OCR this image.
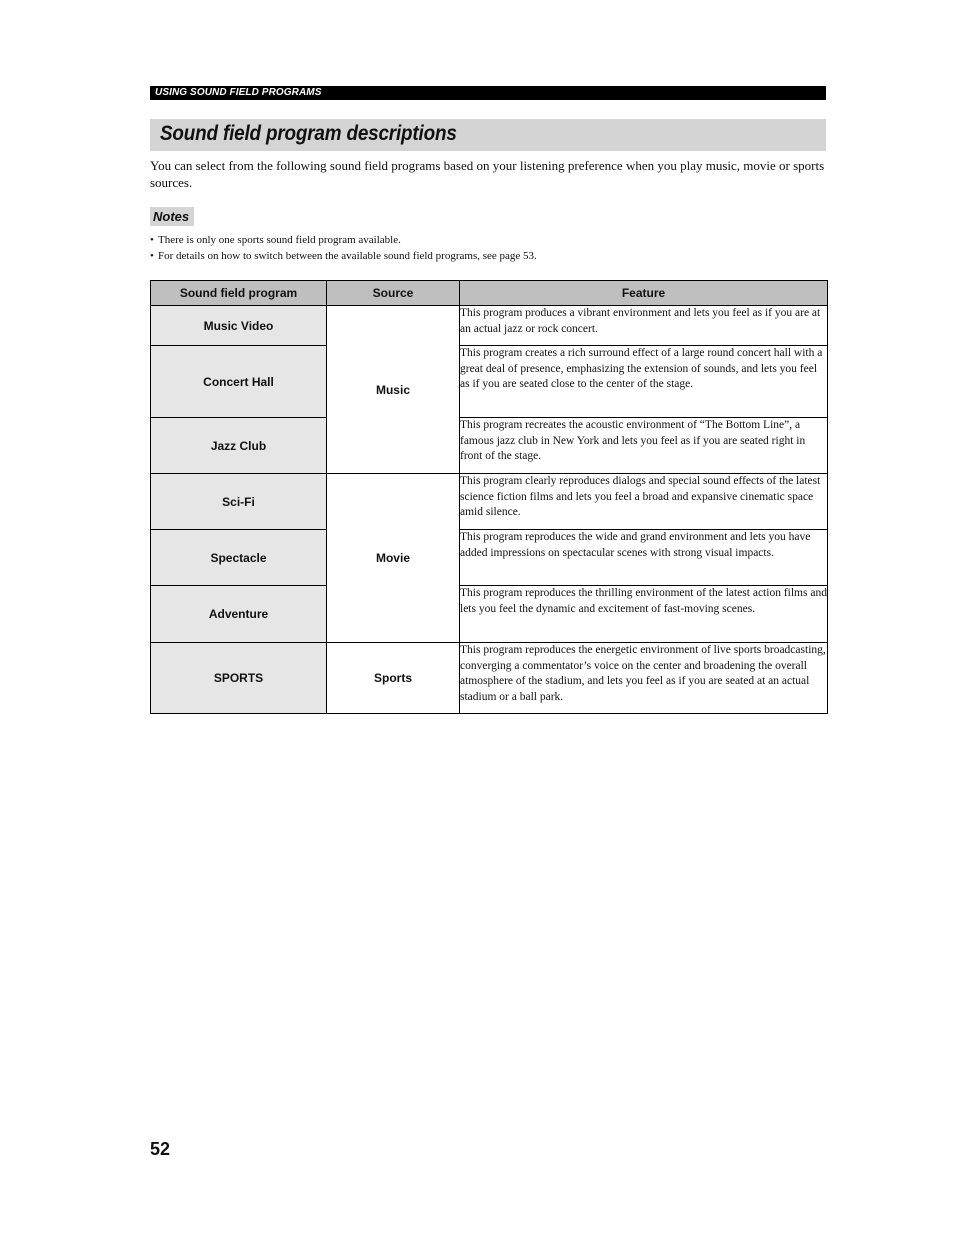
USING SOUND FIELD PROGRAMS
Sound field program descriptions

You can select from the following sound field programs based on your listening preference when you play music, movie or sports sources.

Notes
• There is only one sports sound field program available.
• For details on how to switch between the available sound field programs, see page 53.
Sound field program	Source	Feature
Music Video	Music	This program produces a vibrant environment and lets you feel as if you are at an actual jazz or rock concert.
Concert Hall		This program creates a rich surround effect of a large round concert hall with a great deal of presence, emphasizing the extension of sounds, and lets you feel as if you are seated close to the center of the stage.
Jazz Club		This program recreates the acoustic environment of “The Bottom Line”, a famous jazz club in New York and lets you feel as if you are seated right in front of the stage.
Sci-Fi	Movie	This program clearly reproduces dialogs and special sound effects of the latest science fiction films and lets you feel a broad and expansive cinematic space amid silence.
Spectacle		This program reproduces the wide and grand environment and lets you have added impressions on spectacular scenes with strong visual impacts.
Adventure		This program reproduces the thrilling environment of the latest action films and lets you feel the dynamic and excitement of fast-moving scenes.
SPORTS	Sports	This program reproduces the energetic environment of live sports broadcasting, converging a commentator’s voice on the center and broadening the overall atmosphere of the stadium, and lets you feel as if you are seated at an actual stadium or a ball park.
52
